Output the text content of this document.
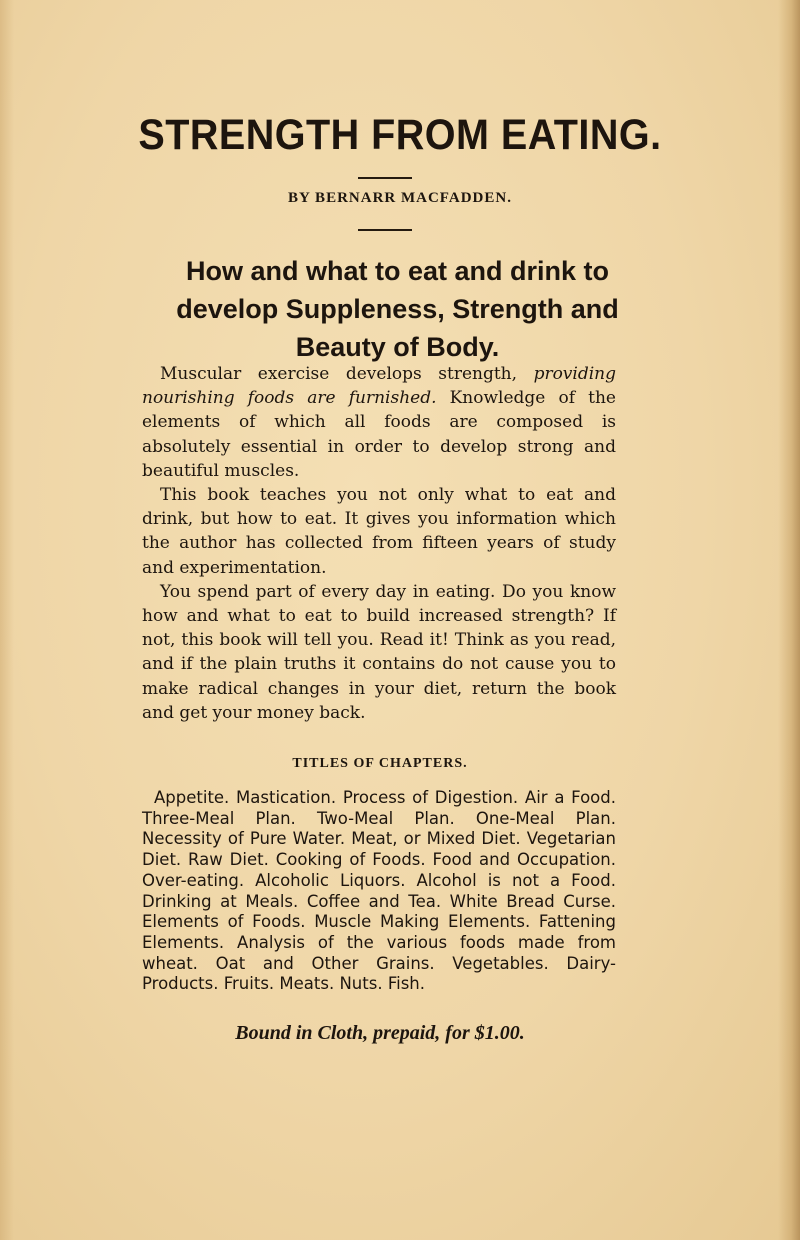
STRENGTH FROM EATING.
BY BERNARR MACFADDEN.
How and what to eat and drink to develop Suppleness, Strength and Beauty of Body.

Muscular exercise develops strength, providing nourishing foods are furnished. Knowledge of the elements of which all foods are composed is absolutely essential in order to develop strong and beautiful muscles.

This book teaches you not only what to eat and drink, but how to eat. It gives you information which the author has collected from fifteen years of study and experimentation.

You spend part of every day in eating. Do you know how and what to eat to build increased strength? If not, this book will tell you. Read it! Think as you read, and if the plain truths it contains do not cause you to make radical changes in your diet, return the book and get your money back.

TITLES OF CHAPTERS.
Appetite. Mastication. Process of Digestion. Air a Food. Three-Meal Plan. Two-Meal Plan. One-Meal Plan. Necessity of Pure Water. Meat, or Mixed Diet. Vegetarian Diet. Raw Diet. Cooking of Foods. Food and Occupation. Over-eating. Alcoholic Liquors. Alcohol is not a Food. Drinking at Meals. Coffee and Tea. White Bread Curse. Elements of Foods. Muscle Making Elements. Fattening Elements. Analysis of the various foods made from wheat. Oat and Other Grains. Vegetables. Dairy-Products. Fruits. Meats. Nuts. Fish.
Bound in Cloth, prepaid, for $1.00.
